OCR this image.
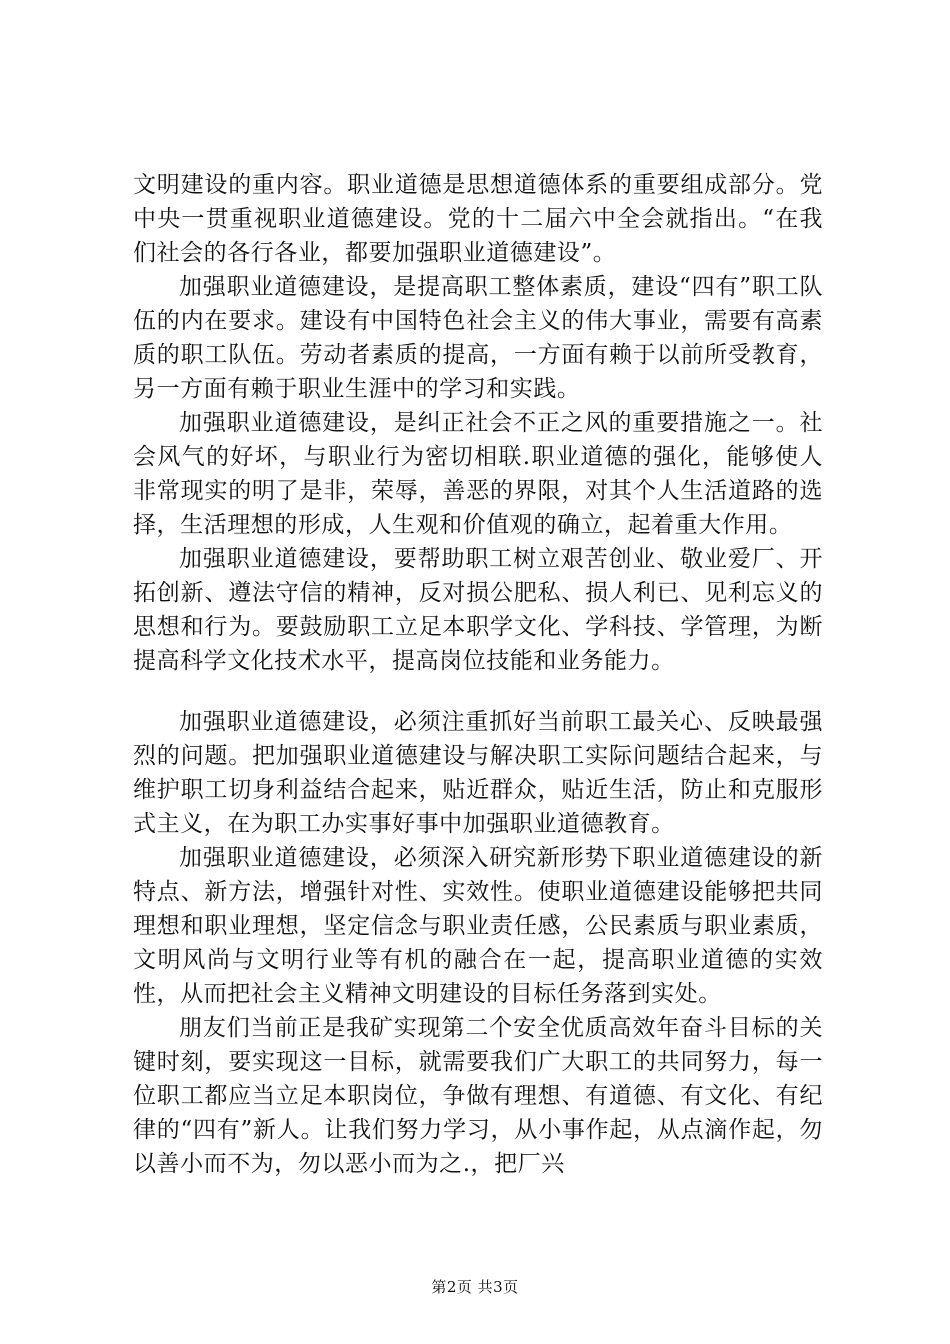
文明建设的重内容。职业道德是思想道德体系的重要组成部分。党中央一贯重视职业道德建设。党的十二届六中全会就指出。“在我们社会的各行各业，都要加强职业道德建设”。

加强职业道德建设，是提高职工整体素质，建设“四有”职工队伍的内在要求。建设有中国特色社会主义的伟大事业，需要有高素质的职工队伍。劳动者素质的提高，一方面有赖于以前所受教育，另一方面有赖于职业生涯中的学习和实践。

加强职业道德建设，是纠正社会不正之风的重要措施之一。社会风气的好坏，与职业行为密切相联.职业道德的强化，能够使人非常现实的明了是非，荣辱，善恶的界限，对其个人生活道路的选择，生活理想的形成，人生观和价值观的确立，起着重大作用。

加强职业道德建设，要帮助职工树立艰苦创业、敬业爱厂、开拓创新、遵法守信的精神，反对损公肥私、损人利已、见利忘义的思想和行为。要鼓励职工立足本职学文化、学科技、学管理，为断提高科学文化技术水平，提高岗位技能和业务能力。

加强职业道德建设，必须注重抓好当前职工最关心、反映最强烈的问题。把加强职业道德建设与解决职工实际问题结合起来，与维护职工切身利益结合起来，贴近群众，贴近生活，防止和克服形式主义，在为职工办实事好事中加强职业道德教育。

加强职业道德建设，必须深入研究新形势下职业道德建设的新特点、新方法，增强针对性、实效性。使职业道德建设能够把共同理想和职业理想，坚定信念与职业责任感，公民素质与职业素质，文明风尚与文明行业等有机的融合在一起，提高职业道德的实效性，从而把社会主义精神文明建设的目标任务落到实处。

朋友们当前正是我矿实现第二个安全优质高效年奋斗目标的关键时刻，要实现这一目标，就需要我们广大职工的共同努力，每一位职工都应当立足本职岗位，争做有理想、有道德、有文化、有纪律的“四有”新人。让我们努力学习，从小事作起，从点滴作起，勿以善小而不为，勿以恶小而为之.，把厂兴

第2页 共3页
